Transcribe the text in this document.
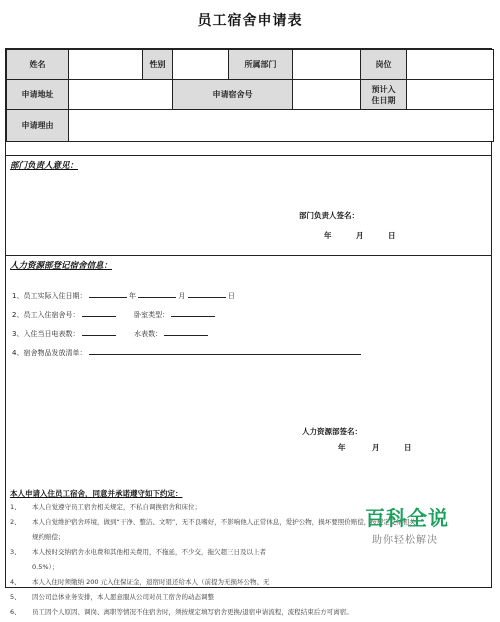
员工宿舍申请表
姓名		性别		所属部门		岗位	
申请地址			申请宿舍号			预计入
住日期	

申请理由							
部门负责人意见：
部门负责人签名：
年	月	日
人力资源部登记宿舍信息：
1、员工实际入住日期：	年	月	日
2、员工入住宿舍号：	卧室类型：
3、入住当日电表数：	水表数：
4、宿舍物品发放清单：
人力资源部签名：
年	月	日
本人申请入住员工宿舍，同意并承诺遵守如下约定：
1、 本人自觉遵守员工宿舍相关规定，不私自调换宿舍和床位；
2、 本人自觉维护宿舍环境，做到“干净、整洁、文明”，无不良嗜好，不影响他人正常休息，爱护公物，损坏要照价赔偿，按规定交纳相关
规约赔偿；
3、 本人按时交纳宿舍水电费和其他相关费用，不拖延，不少交，拖欠超三日及以上者
0.5%）；
4、 本人入住时须缴纳 200 元入住保证金，退宿时退还给本人（前提为无损坏公物、无
5、 因公司总体业务安排，本人愿意服从公司对员工宿舍的动态调整
6、 员工因个人原因、调岗、离职等情况不住宿舍时，须按规定填写宿舍更换/退宿申请流程，流程结束后方可离宿。
百科全说
助你轻松解决
